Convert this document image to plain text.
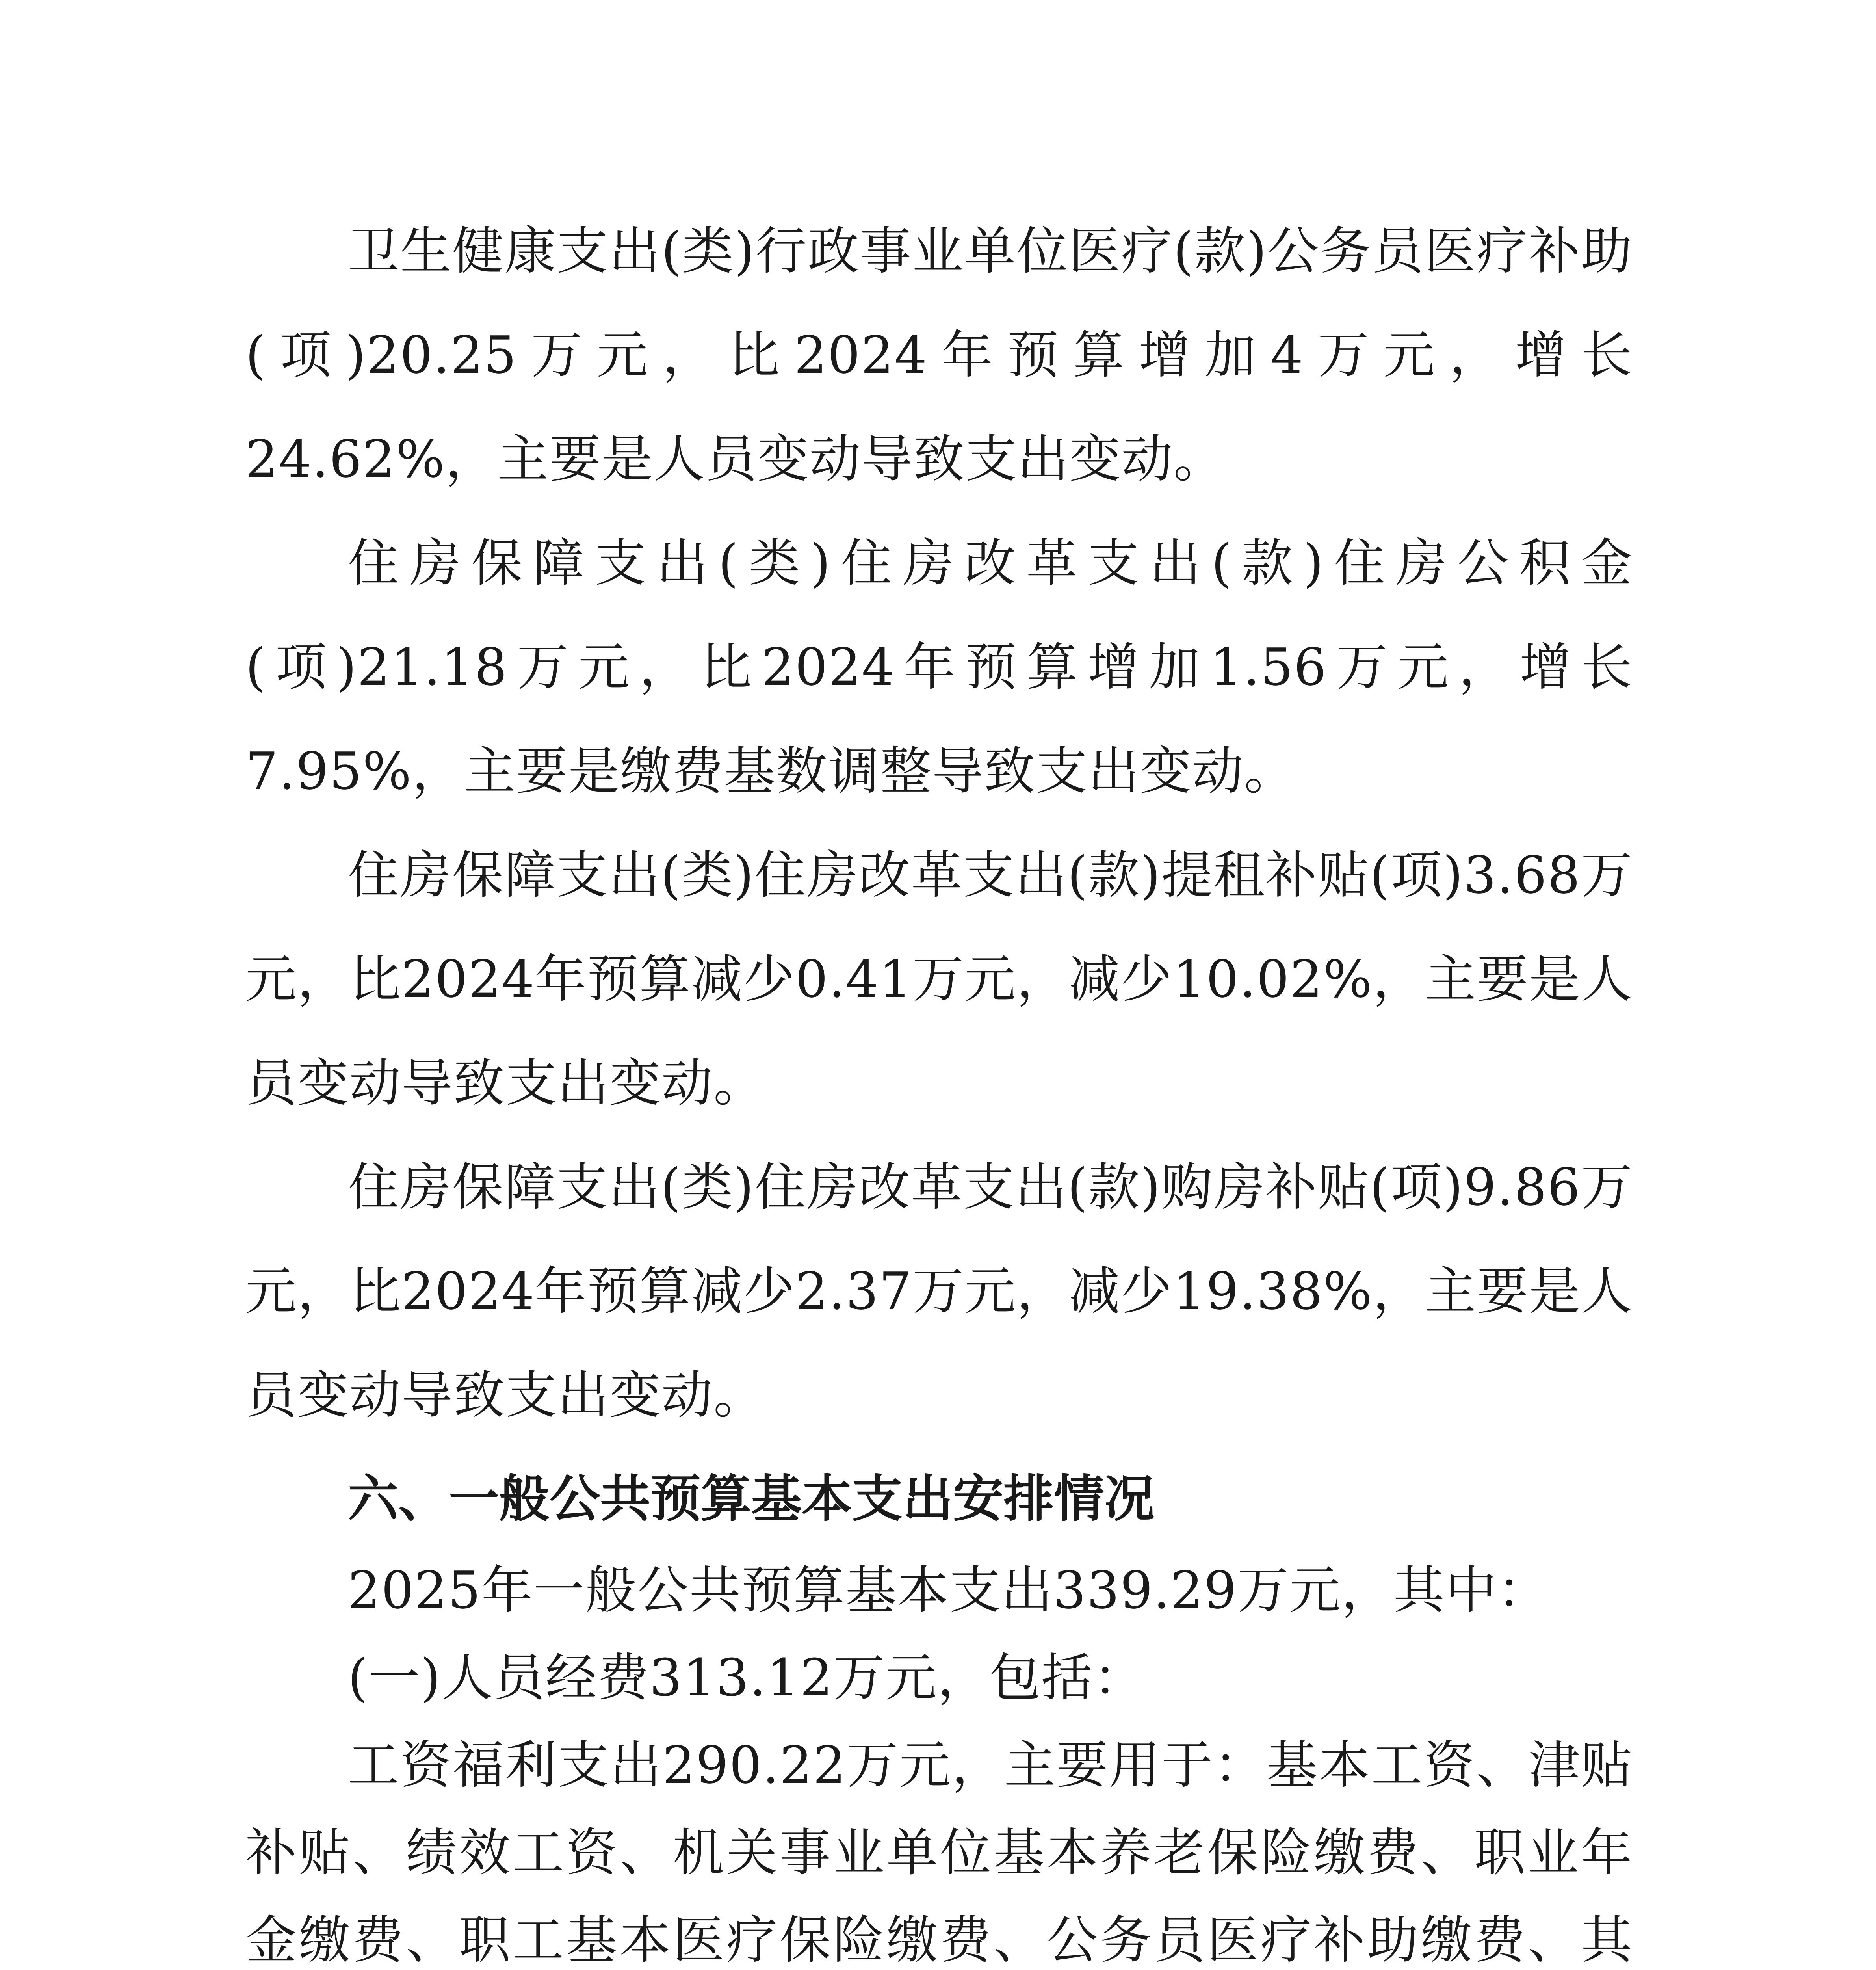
卫生健康支出(类)行政事业单位医疗(款)公务员医疗补助(项)20.25万元，比2024年预算增加4万元，增长24.62%，主要是人员变动导致支出变动。

住房保障支出(类)住房改革支出(款)住房公积金(项)21.18万元，比2024年预算增加1.56万元，增长7.95%，主要是缴费基数调整导致支出变动。

住房保障支出(类)住房改革支出(款)提租补贴(项)3.68万元，比2024年预算减少0.41万元，减少10.02%，主要是人员变动导致支出变动。

住房保障支出(类)住房改革支出(款)购房补贴(项)9.86万元，比2024年预算减少2.37万元，减少19.38%，主要是人员变动导致支出变动。

六、一般公共预算基本支出安排情况

2025年一般公共预算基本支出339.29万元，其中：

(一)人员经费313.12万元，包括：

工资福利支出290.22万元，主要用于：基本工资、津贴补贴、绩效工资、机关事业单位基本养老保险缴费、职业年金缴费、职工基本医疗保险缴费、公务员医疗补助缴费、其
